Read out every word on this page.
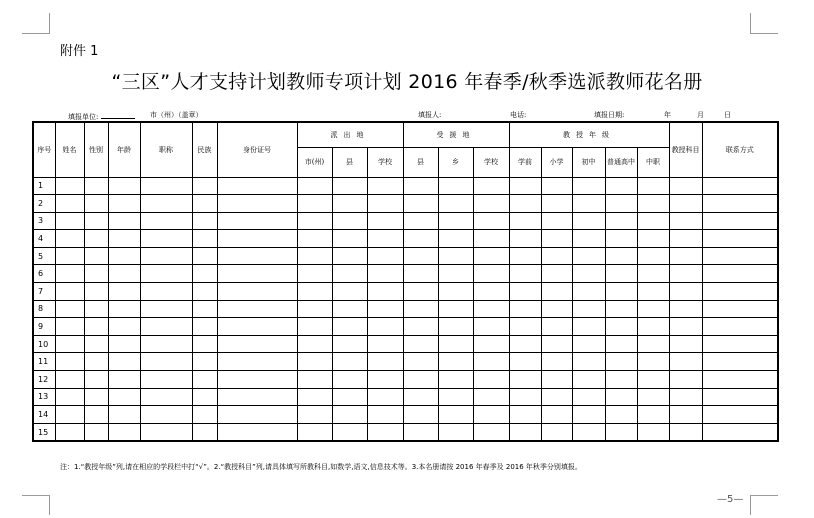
附件 1
“三区”人才支持计划教师专项计划 2016 年春季/秋季选派教师花名册
填报单位:	市（州）（盖章）	填报人:	电话:	填报日期:	年	月	日
序号	姓名	性别	年龄	职称	民族	身份证号	派出地			受援地			教授年级					教授科目	联系方式
							市(州)	县	学校	县	乡	学校	学前	小学	初中	普通高中	中职		
1																			
2																			
3																			
4																			
5																			
6																			
7																			
8																			
9																			
10																			
11																			
12																			
13																			
14																			
15																			
注：1.“教授年级”列,请在相应的学段栏中打“√”。2.“教授科目”列,请具体填写所教科目,如数学,语文,信息技术等。3.本名册请按 2016 年春季及 2016 年秋季分别填报。
—5—
